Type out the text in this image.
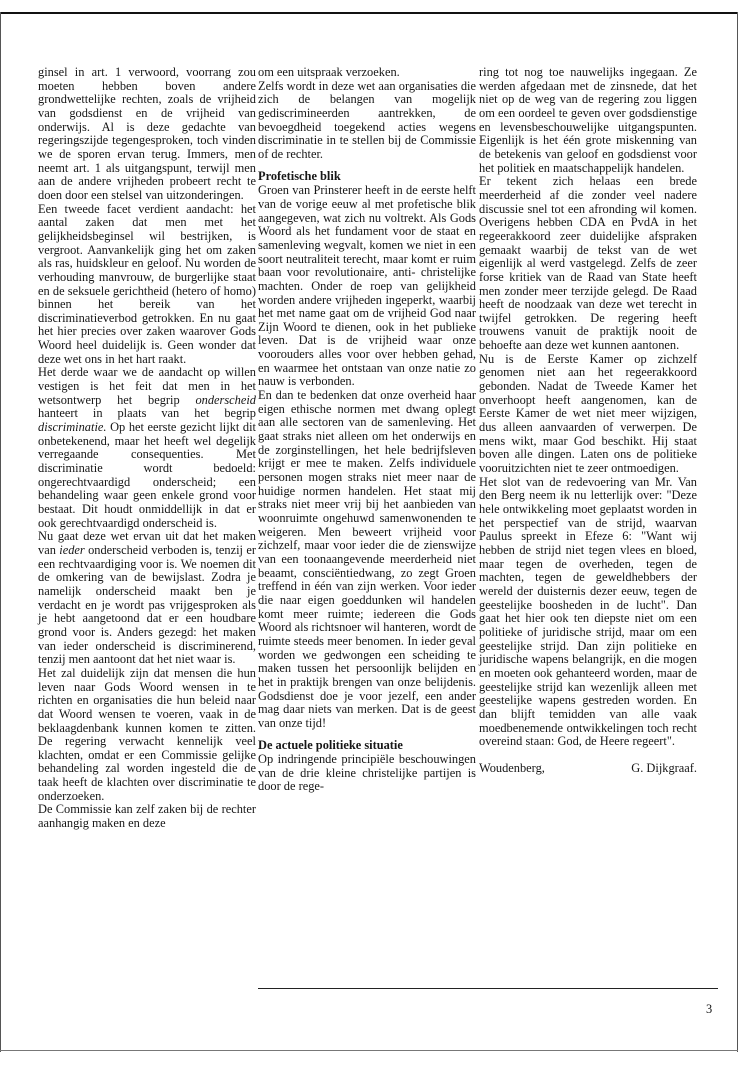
ginsel in art. 1 verwoord, voorrang zou moeten hebben boven andere grondwettelijke rechten, zoals de vrijheid van godsdienst en de vrijheid van onderwijs. Al is deze gedachte van regeringszijde tegengesproken, toch vinden we de sporen ervan terug. Immers, men neemt art. 1 als uitgangspunt, terwijl men aan de andere vrijheden probeert recht te doen door een stelsel van uitzonderingen.

Een tweede facet verdient aandacht: het aantal zaken dat men met het gelijkheidsbeginsel wil bestrijken, is vergroot. Aanvankelijk ging het om zaken als ras, huidskleur en geloof. Nu worden de verhouding manvrouw, de burgerlijke staat en de seksuele gerichtheid (hetero of homo) binnen het bereik van het discriminatieverbod getrokken. En nu gaat het hier precies over zaken waarover Gods Woord heel duidelijk is. Geen wonder dat deze wet ons in het hart raakt.

Het derde waar we de aandacht op willen vestigen is het feit dat men in het wetsontwerp het begrip onderscheid hanteert in plaats van het begrip discriminatie. Op het eerste gezicht lijkt dit onbetekenend, maar het heeft wel degelijk verregaande consequenties. Met discriminatie wordt bedoeld: ongerechtvaardigd onderscheid; een behandeling waar geen enkele grond voor bestaat. Dit houdt onmiddellijk in dat er ook gerechtvaardigd onderscheid is.

Nu gaat deze wet ervan uit dat het maken van ieder onderscheid verboden is, tenzij er een rechtvaardiging voor is. We noemen dit de omkering van de bewijslast. Zodra je namelijk onderscheid maakt ben je verdacht en je wordt pas vrijgesproken als je hebt aangetoond dat er een houdbare grond voor is. Anders gezegd: het maken van ieder onderscheid is discriminerend, tenzij men aantoont dat het niet waar is.

Het zal duidelijk zijn dat mensen die hun leven naar Gods Woord wensen in te richten en organisaties die hun beleid naar dat Woord wensen te voeren, vaak in de beklaagdenbank kunnen komen te zitten. De regering verwacht kennelijk veel klachten, omdat er een Commissie gelijke behandeling zal worden ingesteld die de taak heeft de klachten over discriminatie te onderzoeken.

De Commissie kan zelf zaken bij de rechter aanhangig maken en deze

om een uitspraak verzoeken.

Zelfs wordt in deze wet aan organisaties die zich de belangen van mogelijk gediscrimineerden aantrekken, de bevoegdheid toegekend acties wegens discriminatie in te stellen bij de Commissie of de rechter.

Profetische blik

Groen van Prinsterer heeft in de eerste helft van de vorige eeuw al met profetische blik aangegeven, wat zich nu voltrekt. Als Gods Woord als het fundament voor de staat en samenleving wegvalt, komen we niet in een soort neutraliteit terecht, maar komt er ruim baan voor revolutionaire, anti- christelijke machten. Onder de roep van gelijkheid worden andere vrijheden ingeperkt, waarbij het met name gaat om de vrijheid God naar Zijn Woord te dienen, ook in het publieke leven. Dat is de vrijheid waar onze voorouders alles voor over hebben gehad, en waarmee het ontstaan van onze natie zo nauw is verbonden.

En dan te bedenken dat onze overheid haar eigen ethische normen met dwang oplegt aan alle sectoren van de samenleving. Het gaat straks niet alleen om het onderwijs en de zorginstellingen, het hele bedrijfsleven krijgt er mee te maken. Zelfs individuele personen mogen straks niet meer naar de huidige normen handelen. Het staat mij straks niet meer vrij bij het aanbieden van woonruimte ongehuwd samenwonenden te weigeren. Men beweert vrijheid voor zichzelf, maar voor ieder die de zienswijze van een toonaangevende meerderheid niet beaamt, consciëntiedwang, zo zegt Groen treffend in één van zijn werken. Voor ieder die naar eigen goeddunken wil handelen komt meer ruimte; iedereen die Gods Woord als richtsnoer wil hanteren, wordt de ruimte steeds meer benomen. In ieder geval worden we gedwongen een scheiding te maken tussen het persoonlijk belijden en het in praktijk brengen van onze belijdenis. Godsdienst doe je voor jezelf, een ander mag daar niets van merken. Dat is de geest van onze tijd!

De actuele politieke situatie

Op indringende principiële beschouwingen van de drie kleine christelijke partijen is door de rege-

ring tot nog toe nauwelijks ingegaan. Ze werden afgedaan met de zinsnede, dat het niet op de weg van de regering zou liggen om een oordeel te geven over godsdienstige en levensbeschouwelijke uitgangspunten. Eigenlijk is het één grote miskenning van de betekenis van geloof en godsdienst voor het politiek en maatschappelijk handelen.

Er tekent zich helaas een brede meerderheid af die zonder veel nadere discussie snel tot een afronding wil komen. Overigens hebben CDA en PvdA in het regeerakkoord zeer duidelijke afspraken gemaakt waarbij de tekst van de wet eigenlijk al werd vastgelegd. Zelfs de zeer forse kritiek van de Raad van State heeft men zonder meer terzijde gelegd. De Raad heeft de noodzaak van deze wet terecht in twijfel getrokken. De regering heeft trouwens vanuit de praktijk nooit de behoefte aan deze wet kunnen aantonen.

Nu is de Eerste Kamer op zichzelf genomen niet aan het regeerakkoord gebonden. Nadat de Tweede Kamer het onverhoopt heeft aangenomen, kan de Eerste Kamer de wet niet meer wijzigen, dus alleen aanvaarden of verwerpen. De mens wikt, maar God beschikt. Hij staat boven alle dingen. Laten ons de politieke vooruitzichten niet te zeer ontmoedigen.

Het slot van de redevoering van Mr. Van den Berg neem ik nu letterlijk over: "Deze hele ontwikkeling moet geplaatst worden in het perspectief van de strijd, waarvan Paulus spreekt in Efeze 6: "Want wij hebben de strijd niet tegen vlees en bloed, maar tegen de overheden, tegen de machten, tegen de geweldhebbers der wereld der duisternis dezer eeuw, tegen de geestelijke boosheden in de lucht". Dan gaat het hier ook ten diepste niet om een politieke of juridische strijd, maar om een geestelijke strijd. Dan zijn politieke en juridische wapens belangrijk, en die mogen en moeten ook gehanteerd worden, maar de geestelijke strijd kan wezenlijk alleen met geestelijke wapens gestreden worden. En dan blijft temidden van alle vaak moedbenemende ontwikkelingen toch recht overeind staan: God, de Heere regeert".

Woudenberg,	G. Dijkgraaf.
3
